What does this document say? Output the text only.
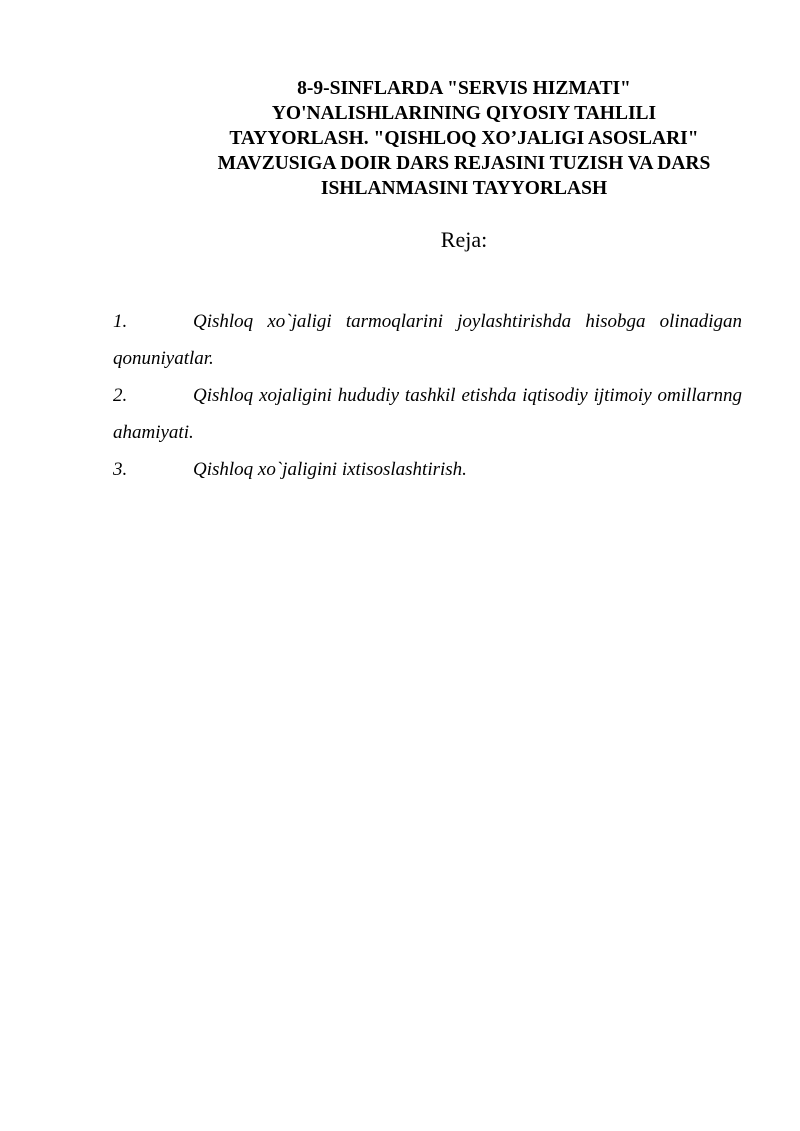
8-9-SINFLARDA "SERVIS HIZMATI"
YO'NALISHLARINING QIYOSIY TAHLILI
TAYYORLASH. "QISHLOQ XO’JALIGI ASOSLARI"
MAVZUSIGA DOIR DARS REJASINI TUZISH VA DARS
ISHLANMASINI TAYYORLASH
Reja:
1.	Qishloq xo`jaligi tarmoqlarini joylashtirishda hisobga olinadigan qonuniyatlar.
2.	Qishloq xojaligini hududiy tashkil etishda iqtisodiy ijtimoiy omillarnng ahamiyati.
3.	Qishloq xo`jaligini ixtisoslashtirish.
